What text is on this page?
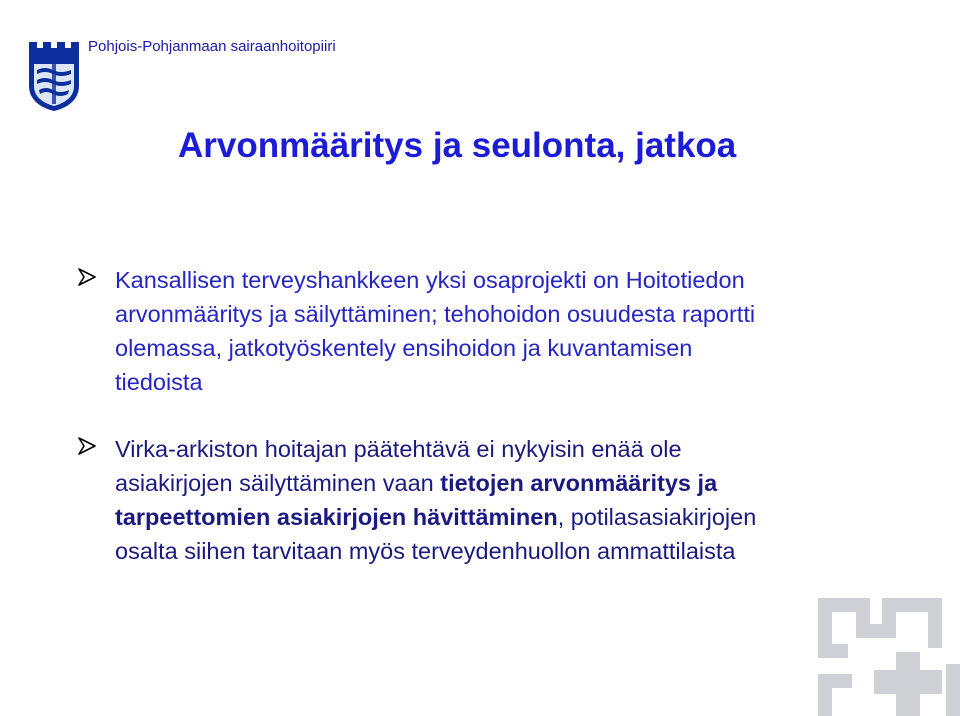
Pohjois-Pohjanmaan sairaanhoitopiiri
Arvonmääritys ja seulonta, jatkoa
Kansallisen terveyshankkeen yksi osaprojekti on Hoitotiedon
arvonmääritys ja säilyttäminen; tehohoidon osuudesta raportti
olemassa, jatkotyöskentely ensihoidon ja kuvantamisen
tiedoista
Virka-arkiston hoitajan päätehtävä ei nykyisin enää ole
asiakirjojen säilyttäminen vaan tietojen arvonmääritys ja
tarpeettomien asiakirjojen hävittäminen, potilasasiakirjojen
osalta siihen tarvitaan myös terveydenhuollon ammattilaista
